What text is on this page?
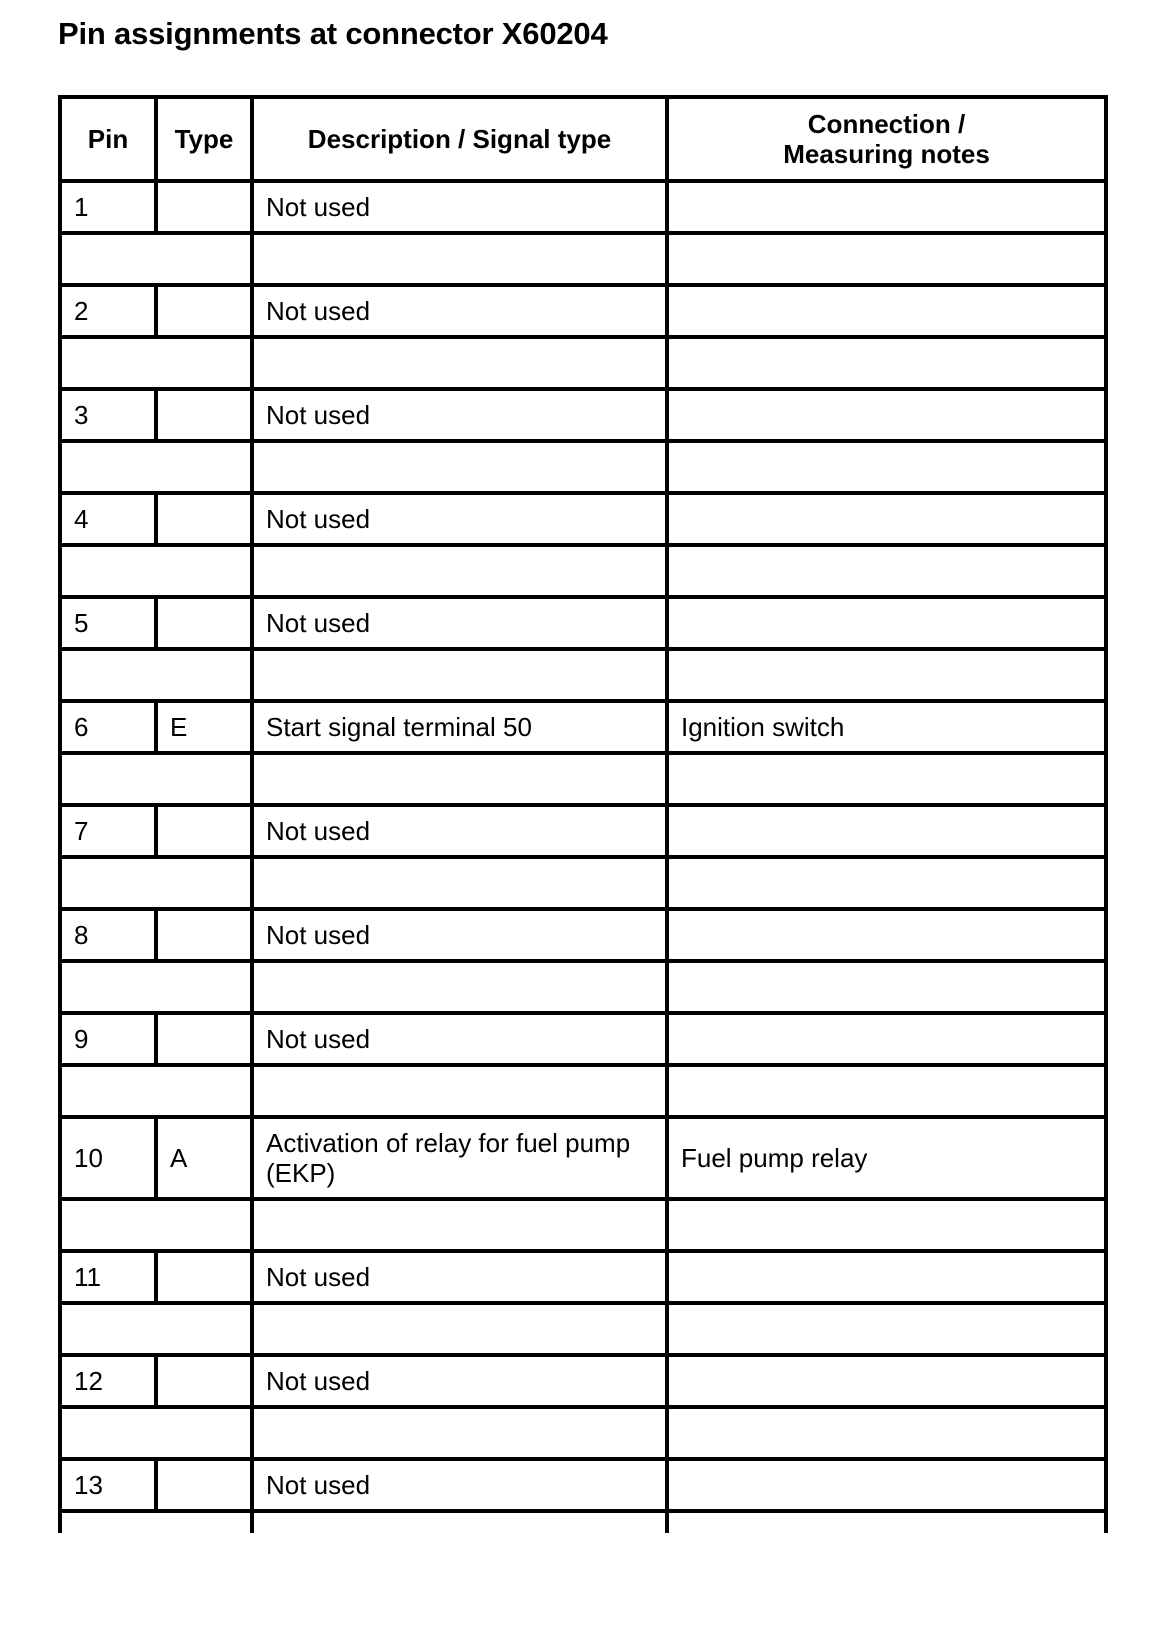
Pin assignments at connector X60204
Pin	Type	Description / Signal type	Connection /
Measuring notes
1		Not used	

2		Not used	

3		Not used	

4		Not used	

5		Not used	

6	E	Start signal terminal 50	Ignition switch

7		Not used	

8		Not used	

9		Not used	

10	A	Activation of relay for fuel pump (EKP)	Fuel pump relay

11		Not used	

12		Not used	

13		Not used	
